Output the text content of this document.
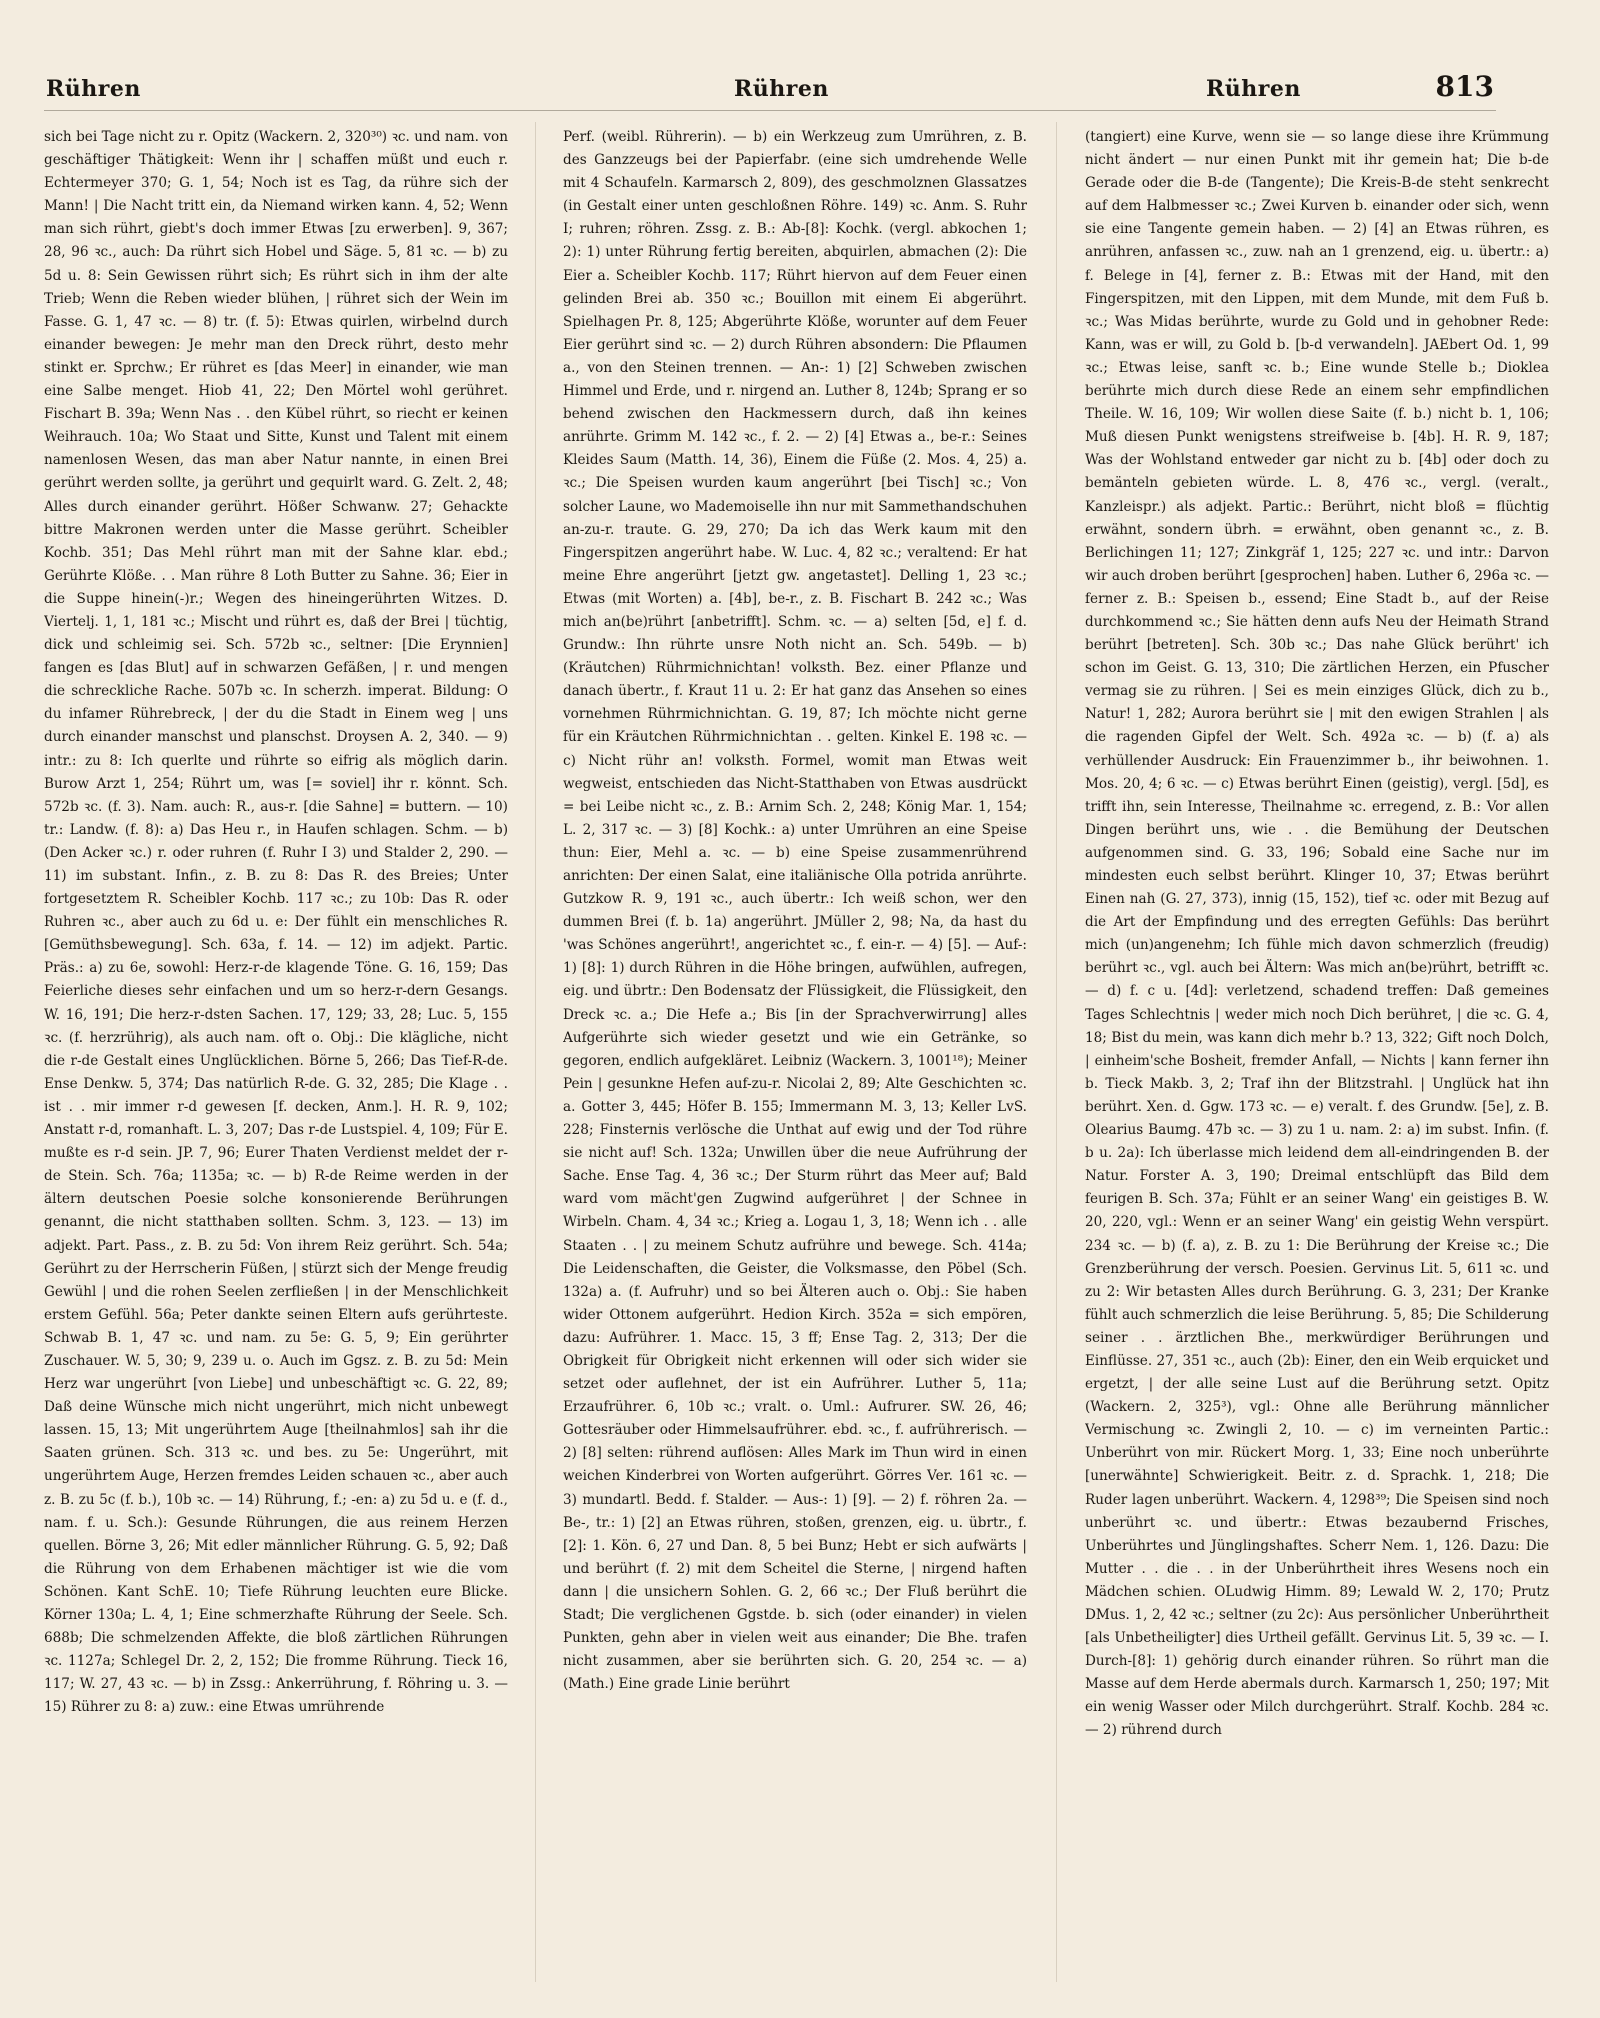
Rühren	Rühren	Rühren	813

sich bei Tage nicht zu r. Opitz (Wackern. 2, 320³⁰) ꝛc. und nam. von geschäftiger Thätigkeit: Wenn ihr | schaffen müßt und euch r. Echtermeyer 370; G. 1, 54; Noch ist es Tag, da rühre sich der Mann! | Die Nacht tritt ein, da Niemand wirken kann. 4, 52; Wenn man sich rührt, giebt's doch immer Etwas [zu erwerben]. 9, 367; 28, 96 ꝛc., auch: Da rührt sich Hobel und Säge. 5, 81 ꝛc. — b) zu 5d u. 8: Sein Gewissen rührt sich; Es rührt sich in ihm der alte Trieb; Wenn die Reben wieder blühen, | rühret sich der Wein im Fasse. G. 1, 47 ꝛc. — 8) tr. (f. 5): Etwas quirlen, wirbelnd durch einander bewegen: Je mehr man den Dreck rührt, desto mehr stinkt er. Sprchw.; Er rühret es [das Meer] in einander, wie man eine Salbe menget. Hiob 41, 22; Den Mörtel wohl gerühret. Fischart B. 39a; Wenn Nas . . den Kübel rührt, so riecht er keinen Weihrauch. 10a; Wo Staat und Sitte, Kunst und Talent mit einem namenlosen Wesen, das man aber Natur nannte, in einen Brei gerührt werden sollte, ja gerührt und gequirlt ward. G. Zelt. 2, 48; Alles durch einander gerührt. Hößer Schwanw. 27; Gehackte bittre Makronen werden unter die Masse gerührt. Scheibler Kochb. 351; Das Mehl rührt man mit der Sahne klar. ebd.; Gerührte Klöße. . . Man rühre 8 Loth Butter zu Sahne. 36; Eier in die Suppe hinein(-)r.; Wegen des hineingerührten Witzes. D. Viertelj. 1, 1, 181 ꝛc.; Mischt und rührt es, daß der Brei | tüchtig, dick und schleimig sei. Sch. 572b ꝛc., seltner: [Die Erynnien] fangen es [das Blut] auf in schwarzen Gefäßen, | r. und mengen die schreckliche Rache. 507b ꝛc. In scherzh. imperat. Bildung: O du infamer Rührebreck, | der du die Stadt in Einem weg | uns durch einander manschst und planschst. Droysen A. 2, 340. — 9) intr.: zu 8: Ich querlte und rührte so eifrig als möglich darin. Burow Arzt 1, 254; Rührt um, was [= soviel] ihr r. könnt. Sch. 572b ꝛc. (f. 3). Nam. auch: R., aus-r. [die Sahne] = buttern. — 10) tr.: Landw. (f. 8): a) Das Heu r., in Haufen schlagen. Schm. — b) (Den Acker ꝛc.) r. oder ruhren (f. Ruhr I 3) und Stalder 2, 290. — 11) im substant. Infin., z. B. zu 8: Das R. des Breies; Unter fortgesetztem R. Scheibler Kochb. 117 ꝛc.; zu 10b: Das R. oder Ruhren ꝛc., aber auch zu 6d u. e: Der fühlt ein menschliches R. [Gemüthsbewegung]. Sch. 63a, f. 14. — 12) im adjekt. Partic. Präs.: a) zu 6e, sowohl: Herz-r-de klagende Töne. G. 16, 159; Das Feierliche dieses sehr einfachen und um so herz-r-dern Gesangs. W. 16, 191; Die herz-r-dsten Sachen. 17, 129; 33, 28; Luc. 5, 155 ꝛc. (f. herzrührig), als auch nam. oft o. Obj.: Die klägliche, nicht die r-de Gestalt eines Unglücklichen. Börne 5, 266; Das Tief-R-de. Ense Denkw. 5, 374; Das natürlich R-de. G. 32, 285; Die Klage . . ist . . mir immer r-d gewesen [f. decken, Anm.]. H. R. 9, 102; Anstatt r-d, romanhaft. L. 3, 207; Das r-de Lustspiel. 4, 109; Für E. mußte es r-d sein. JP. 7, 96; Eurer Thaten Verdienst meldet der r-de Stein. Sch. 76a; 1135a; ꝛc. — b) R-de Reime werden in der ältern deutschen Poesie solche konsonierende Berührungen genannt, die nicht statthaben sollten. Schm. 3, 123. — 13) im adjekt. Part. Pass., z. B. zu 5d: Von ihrem Reiz gerührt. Sch. 54a; Gerührt zu der Herrscherin Füßen, | stürzt sich der Menge freudig Gewühl | und die rohen Seelen zerfließen | in der Menschlichkeit erstem Gefühl. 56a; Peter dankte seinen Eltern aufs gerührteste. Schwab B. 1, 47 ꝛc. und nam. zu 5e: G. 5, 9; Ein gerührter Zuschauer. W. 5, 30; 9, 239 u. o. Auch im Ggsz. z. B. zu 5d: Mein Herz war ungerührt [von Liebe] und unbeschäftigt ꝛc. G. 22, 89; Daß deine Wünsche mich nicht ungerührt, mich nicht unbewegt lassen. 15, 13; Mit ungerührtem Auge [theilnahmlos] sah ihr die Saaten grünen. Sch. 313 ꝛc. und bes. zu 5e: Ungerührt, mit ungerührtem Auge, Herzen fremdes Leiden schauen ꝛc., aber auch z. B. zu 5c (f. b.), 10b ꝛc. — 14) Rührung, f.; -en: a) zu 5d u. e (f. d., nam. f. u. Sch.): Gesunde Rührungen, die aus reinem Herzen quellen. Börne 3, 26; Mit edler männlicher Rührung. G. 5, 92; Daß die Rührung von dem Erhabenen mächtiger ist wie die vom Schönen. Kant SchE. 10; Tiefe Rührung leuchten eure Blicke. Körner 130a; L. 4, 1; Eine schmerzhafte Rührung der Seele. Sch. 688b; Die schmelzenden Affekte, die bloß zärtlichen Rührungen ꝛc. 1127a; Schlegel Dr. 2, 2, 152; Die fromme Rührung. Tieck 16, 117; W. 27, 43 ꝛc. — b) in Zssg.: Ankerrührung, f. Röhring u. 3. — 15) Rührer zu 8: a) zuw.: eine Etwas umrührende

Perf. (weibl. Rührerin). — b) ein Werkzeug zum Umrühren, z. B. des Ganzzeugs bei der Papierfabr. (eine sich umdrehende Welle mit 4 Schaufeln. Karmarsch 2, 809), des geschmolznen Glassatzes (in Gestalt einer unten geschloßnen Röhre. 149) ꝛc. Anm. S. Ruhr I; ruhren; röhren. Zssg. z. B.: Ab-[8]: Kochk. (vergl. abkochen 1; 2): 1) unter Rührung fertig bereiten, abquirlen, abmachen (2): Die Eier a. Scheibler Kochb. 117; Rührt hiervon auf dem Feuer einen gelinden Brei ab. 350 ꝛc.; Bouillon mit einem Ei abgerührt. Spielhagen Pr. 8, 125; Abgerührte Klöße, worunter auf dem Feuer Eier gerührt sind ꝛc. — 2) durch Rühren absondern: Die Pflaumen a., von den Steinen trennen. — An-: 1) [2] Schweben zwischen Himmel und Erde, und r. nirgend an. Luther 8, 124b; Sprang er so behend zwischen den Hackmessern durch, daß ihn keines anrührte. Grimm M. 142 ꝛc., f. 2. — 2) [4] Etwas a., be-r.: Seines Kleides Saum (Matth. 14, 36), Einem die Füße (2. Mos. 4, 25) a. ꝛc.; Die Speisen wurden kaum angerührt [bei Tisch] ꝛc.; Von solcher Laune, wo Mademoiselle ihn nur mit Sammethandschuhen an-zu-r. traute. G. 29, 270; Da ich das Werk kaum mit den Fingerspitzen angerührt habe. W. Luc. 4, 82 ꝛc.; veraltend: Er hat meine Ehre angerührt [jetzt gw. angetastet]. Delling 1, 23 ꝛc.; Etwas (mit Worten) a. [4b], be-r., z. B. Fischart B. 242 ꝛc.; Was mich an(be)rührt [anbetrifft]. Schm. ꝛc. — a) selten [5d, e] f. d. Grundw.: Ihn rührte unsre Noth nicht an. Sch. 549b. — b) (Kräutchen) Rührmichnichtan! volksth. Bez. einer Pflanze und danach übertr., f. Kraut 11 u. 2: Er hat ganz das Ansehen so eines vornehmen Rührmichnichtan. G. 19, 87; Ich möchte nicht gerne für ein Kräutchen Rührmichnichtan . . gelten. Kinkel E. 198 ꝛc. — c) Nicht rühr an! volksth. Formel, womit man Etwas weit wegweist, entschieden das Nicht-Statthaben von Etwas ausdrückt = bei Leibe nicht ꝛc., z. B.: Arnim Sch. 2, 248; König Mar. 1, 154; L. 2, 317 ꝛc. — 3) [8] Kochk.: a) unter Umrühren an eine Speise thun: Eier, Mehl a. ꝛc. — b) eine Speise zusammenrührend anrichten: Der einen Salat, eine italiänische Olla potrida anrührte. Gutzkow R. 9, 191 ꝛc., auch übertr.: Ich weiß schon, wer den dummen Brei (f. b. 1a) angerührt. JMüller 2, 98; Na, da hast du 'was Schönes angerührt!, angerichtet ꝛc., f. ein-r. — 4) [5]. — Auf-: 1) [8]: 1) durch Rühren in die Höhe bringen, aufwühlen, aufregen, eig. und übrtr.: Den Bodensatz der Flüssigkeit, die Flüssigkeit, den Dreck ꝛc. a.; Die Hefe a.; Bis [in der Sprachverwirrung] alles Aufgerührte sich wieder gesetzt und wie ein Getränke, so gegoren, endlich aufgekläret. Leibniz (Wackern. 3, 1001¹⁸); Meiner Pein | gesunkne Hefen auf-zu-r. Nicolai 2, 89; Alte Geschichten ꝛc. a. Gotter 3, 445; Höfer B. 155; Immermann M. 3, 13; Keller LvS. 228; Finsternis verlösche die Unthat auf ewig und der Tod rühre sie nicht auf! Sch. 132a; Unwillen über die neue Aufrührung der Sache. Ense Tag. 4, 36 ꝛc.; Der Sturm rührt das Meer auf; Bald ward vom mächt'gen Zugwind aufgerühret | der Schnee in Wirbeln. Cham. 4, 34 ꝛc.; Krieg a. Logau 1, 3, 18; Wenn ich . . alle Staaten . . | zu meinem Schutz aufrühre und bewege. Sch. 414a; Die Leidenschaften, die Geister, die Volksmasse, den Pöbel (Sch. 132a) a. (f. Aufruhr) und so bei Älteren auch o. Obj.: Sie haben wider Ottonem aufgerührt. Hedion Kirch. 352a = sich empören, dazu: Aufrührer. 1. Macc. 15, 3 ff; Ense Tag. 2, 313; Der die Obrigkeit für Obrigkeit nicht erkennen will oder sich wider sie setzet oder auflehnet, der ist ein Aufrührer. Luther 5, 11a; Erzaufrührer. 6, 10b ꝛc.; vralt. o. Uml.: Aufrurer. SW. 26, 46; Gottesräuber oder Himmelsaufrührer. ebd. ꝛc., f. aufrührerisch. — 2) [8] selten: rührend auflösen: Alles Mark im Thun wird in einen weichen Kinderbrei von Worten aufgerührt. Görres Ver. 161 ꝛc. — 3) mundartl. Bedd. f. Stalder. — Aus-: 1) [9]. — 2) f. röhren 2a. — Be-, tr.: 1) [2] an Etwas rühren, stoßen, grenzen, eig. u. übrtr., f. [2]: 1. Kön. 6, 27 und Dan. 8, 5 bei Bunz; Hebt er sich aufwärts | und berührt (f. 2) mit dem Scheitel die Sterne, | nirgend haften dann | die unsichern Sohlen. G. 2, 66 ꝛc.; Der Fluß berührt die Stadt; Die verglichenen Ggstde. b. sich (oder einander) in vielen Punkten, gehn aber in vielen weit aus einander; Die Bhe. trafen nicht zusammen, aber sie berührten sich. G. 20, 254 ꝛc. — a) (Math.) Eine grade Linie berührt

(tangiert) eine Kurve, wenn sie — so lange diese ihre Krümmung nicht ändert — nur einen Punkt mit ihr gemein hat; Die b-de Gerade oder die B-de (Tangente); Die Kreis-B-de steht senkrecht auf dem Halbmesser ꝛc.; Zwei Kurven b. einander oder sich, wenn sie eine Tangente gemein haben. — 2) [4] an Etwas rühren, es anrühren, anfassen ꝛc., zuw. nah an 1 grenzend, eig. u. übertr.: a) f. Belege in [4], ferner z. B.: Etwas mit der Hand, mit den Fingerspitzen, mit den Lippen, mit dem Munde, mit dem Fuß b. ꝛc.; Was Midas berührte, wurde zu Gold und in gehobner Rede: Kann, was er will, zu Gold b. [b-d verwandeln]. JAEbert Od. 1, 99 ꝛc.; Etwas leise, sanft ꝛc. b.; Eine wunde Stelle b.; Dioklea berührte mich durch diese Rede an einem sehr empfindlichen Theile. W. 16, 109; Wir wollen diese Saite (f. b.) nicht b. 1, 106; Muß diesen Punkt wenigstens streifweise b. [4b]. H. R. 9, 187; Was der Wohlstand entweder gar nicht zu b. [4b] oder doch zu bemänteln gebieten würde. L. 8, 476 ꝛc., vergl. (veralt., Kanzleispr.) als adjekt. Partic.: Berührt, nicht bloß = flüchtig erwähnt, sondern übrh. = erwähnt, oben genannt ꝛc., z. B. Berlichingen 11; 127; Zinkgräf 1, 125; 227 ꝛc. und intr.: Darvon wir auch droben berührt [gesprochen] haben. Luther 6, 296a ꝛc. — ferner z. B.: Speisen b., essend; Eine Stadt b., auf der Reise durchkommend ꝛc.; Sie hätten denn aufs Neu der Heimath Strand berührt [betreten]. Sch. 30b ꝛc.; Das nahe Glück berührt' ich schon im Geist. G. 13, 310; Die zärtlichen Herzen, ein Pfuscher vermag sie zu rühren. | Sei es mein einziges Glück, dich zu b., Natur! 1, 282; Aurora berührt sie | mit den ewigen Strahlen | als die ragenden Gipfel der Welt. Sch. 492a ꝛc. — b) (f. a) als verhüllender Ausdruck: Ein Frauenzimmer b., ihr beiwohnen. 1. Mos. 20, 4; 6 ꝛc. — c) Etwas berührt Einen (geistig), vergl. [5d], es trifft ihn, sein Interesse, Theilnahme ꝛc. erregend, z. B.: Vor allen Dingen berührt uns, wie . . die Bemühung der Deutschen aufgenommen sind. G. 33, 196; Sobald eine Sache nur im mindesten euch selbst berührt. Klinger 10, 37; Etwas berührt Einen nah (G. 27, 373), innig (15, 152), tief ꝛc. oder mit Bezug auf die Art der Empfindung und des erregten Gefühls: Das berührt mich (un)angenehm; Ich fühle mich davon schmerzlich (freudig) berührt ꝛc., vgl. auch bei Ältern: Was mich an(be)rührt, betrifft ꝛc. — d) f. c u. [4d]: verletzend, schadend treffen: Daß gemeines Tages Schlechtnis | weder mich noch Dich berühret, | die ꝛc. G. 4, 18; Bist du mein, was kann dich mehr b.? 13, 322; Gift noch Dolch, | einheim'sche Bosheit, fremder Anfall, — Nichts | kann ferner ihn b. Tieck Makb. 3, 2; Traf ihn der Blitzstrahl. | Unglück hat ihn berührt. Xen. d. Ggw. 173 ꝛc. — e) veralt. f. des Grundw. [5e], z. B. Olearius Baumg. 47b ꝛc. — 3) zu 1 u. nam. 2: a) im subst. Infin. (f. b u. 2a): Ich überlasse mich leidend dem all-eindringenden B. der Natur. Forster A. 3, 190; Dreimal entschlüpft das Bild dem feurigen B. Sch. 37a; Fühlt er an seiner Wang' ein geistiges B. W. 20, 220, vgl.: Wenn er an seiner Wang' ein geistig Wehn verspürt. 234 ꝛc. — b) (f. a), z. B. zu 1: Die Berührung der Kreise ꝛc.; Die Grenzberührung der versch. Poesien. Gervinus Lit. 5, 611 ꝛc. und zu 2: Wir betasten Alles durch Berührung. G. 3, 231; Der Kranke fühlt auch schmerzlich die leise Berührung. 5, 85; Die Schilderung seiner . . ärztlichen Bhe., merkwürdiger Berührungen und Einflüsse. 27, 351 ꝛc., auch (2b): Einer, den ein Weib erquicket und ergetzt, | der alle seine Lust auf die Berührung setzt. Opitz (Wackern. 2, 325³), vgl.: Ohne alle Berührung männlicher Vermischung ꝛc. Zwingli 2, 10. — c) im verneinten Partic.: Unberührt von mir. Rückert Morg. 1, 33; Eine noch unberührte [unerwähnte] Schwierigkeit. Beitr. z. d. Sprachk. 1, 218; Die Ruder lagen unberührt. Wackern. 4, 1298³⁹; Die Speisen sind noch unberührt ꝛc. und übertr.: Etwas bezaubernd Frisches, Unberührtes und Jünglingshaftes. Scherr Nem. 1, 126. Dazu: Die Mutter . . die . . in der Unberührtheit ihres Wesens noch ein Mädchen schien. OLudwig Himm. 89; Lewald W. 2, 170; Prutz DMus. 1, 2, 42 ꝛc.; seltner (zu 2c): Aus persönlicher Unberührtheit [als Unbetheiligter] dies Urtheil gefällt. Gervinus Lit. 5, 39 ꝛc. — I. Durch-[8]: 1) gehörig durch einander rühren. So rührt man die Masse auf dem Herde abermals durch. Karmarsch 1, 250; 197; Mit ein wenig Wasser oder Milch durchgerührt. Stralf. Kochb. 284 ꝛc. — 2) rührend durch
